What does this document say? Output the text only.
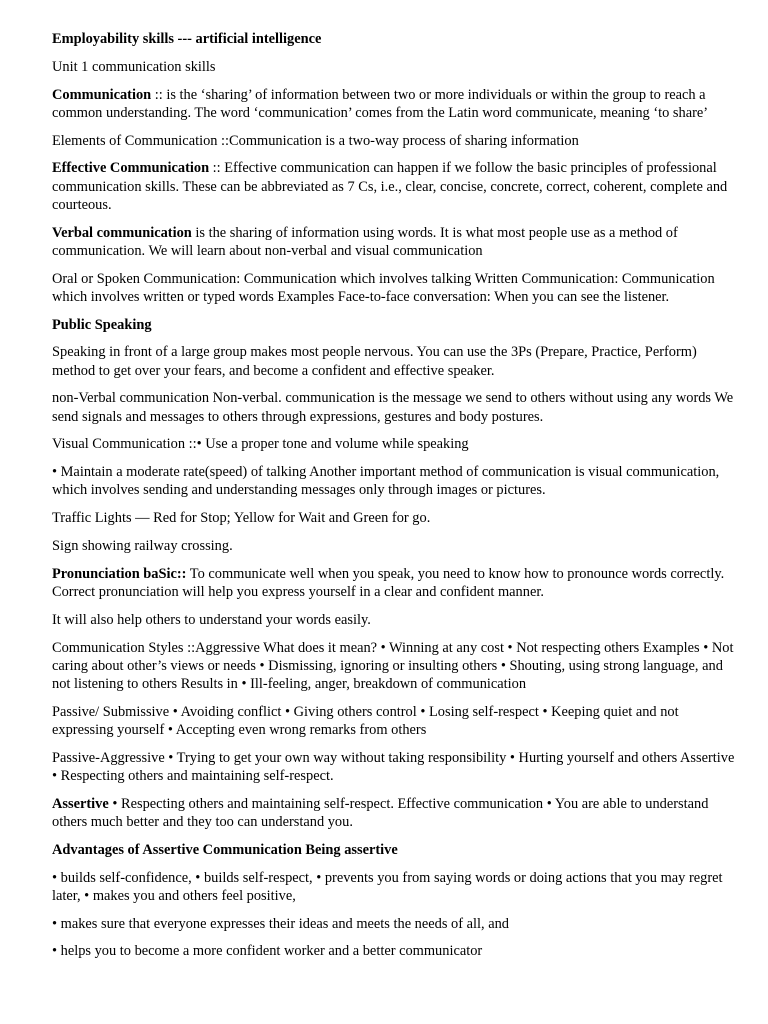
Employability skills --- artificial intelligence

Unit 1 communication skills

Communication :: is the ‘sharing’ of information between two or more individuals or within the group to reach a common understanding. The word ‘communication’ comes from the Latin word communicate, meaning ‘to share’

Elements of Communication ::Communication is a two-way process of sharing information

Effective Communication :: Effective communication can happen if we follow the basic principles of professional communication skills. These can be abbreviated as 7 Cs, i.e., clear, concise, concrete, correct, coherent, complete and courteous.

Verbal communication is the sharing of information using words. It is what most people use as a method of communication. We will learn about non-verbal and visual communication

Oral or Spoken Communication: Communication which involves talking Written Communication: Communication which involves written or typed words Examples Face-to-face conversation: When you can see the listener.

Public Speaking

Speaking in front of a large group makes most people nervous. You can use the 3Ps (Prepare, Practice, Perform) method to get over your fears, and become a confident and effective speaker.

non-Verbal communication Non-verbal. communication is the message we send to others without using any words We send signals and messages to others through expressions, gestures and body postures.

Visual Communication ::• Use a proper tone and volume while speaking

• Maintain a moderate rate(speed) of talking Another important method of communication is visual communication, which involves sending and understanding messages only through images or pictures.

Traffic Lights — Red for Stop; Yellow for Wait and Green for go.

Sign showing railway crossing.

Pronunciation baSic:: To communicate well when you speak, you need to know how to pronounce words correctly. Correct pronunciation will help you express yourself in a clear and confident manner.

It will also help others to understand your words easily.

Communication Styles ::Aggressive What does it mean? • Winning at any cost • Not respecting others Examples • Not caring about other’s views or needs • Dismissing, ignoring or insulting others • Shouting, using strong language, and not listening to others Results in • Ill-feeling, anger, breakdown of communication

Passive/ Submissive • Avoiding conflict • Giving others control • Losing self-respect • Keeping quiet and not expressing yourself • Accepting even wrong remarks from others

Passive-Aggressive • Trying to get your own way without taking responsibility • Hurting yourself and others Assertive • Respecting others and maintaining self-respect.

Assertive • Respecting others and maintaining self-respect. Effective communication • You are able to understand others much better and they too can understand you.

Advantages of Assertive Communication Being assertive

• builds self-confidence, • builds self-respect, • prevents you from saying words or doing actions that you may regret later, • makes you and others feel positive,

• makes sure that everyone expresses their ideas and meets the needs of all, and

• helps you to become a more confident worker and a better communicator
